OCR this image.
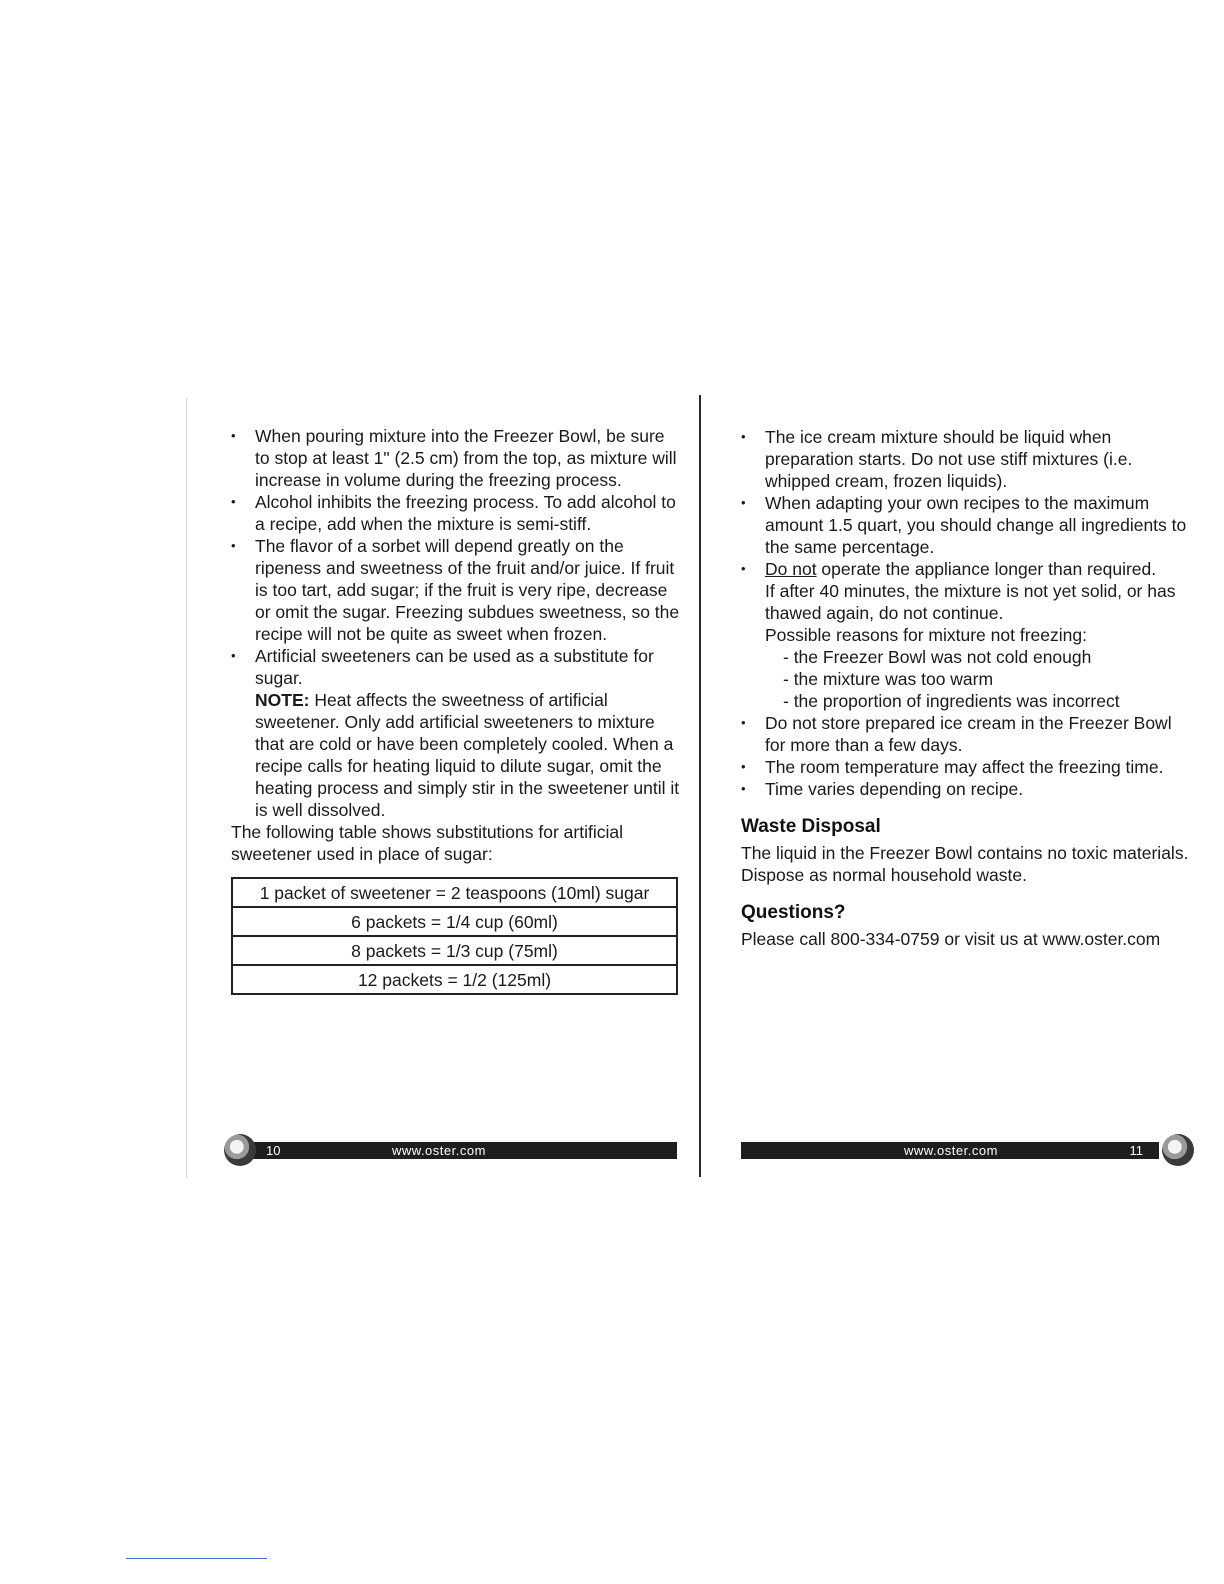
• When pouring mixture into the Freezer Bowl, be sure to stop at least 1" (2.5 cm) from the top, as mixture will increase in volume during the freezing process.
• Alcohol inhibits the freezing process. To add alcohol to a recipe, add when the mixture is semi-stiff.
• The flavor of a sorbet will depend greatly on the ripeness and sweetness of the fruit and/or juice. If fruit is too tart, add sugar; if the fruit is very ripe, decrease or omit the sugar. Freezing subdues sweetness, so the recipe will not be quite as sweet when frozen.
• Artificial sweeteners can be used as a substitute for sugar.
NOTE: Heat affects the sweetness of artificial sweetener. Only add artificial sweeteners to mixture that are cold or have been completely cooled. When a recipe calls for heating liquid to dilute sugar, omit the heating process and simply stir in the sweetener until it is well dissolved.

The following table shows substitutions for artificial sweetener used in place of sugar:

1 packet of sweetener = 2 teaspoons (10ml) sugar
6 packets = 1/4 cup (60ml)
8 packets = 1/3 cup (75ml)
12 packets = 1/2 (125ml)
• The ice cream mixture should be liquid when preparation starts. Do not use stiff mixtures (i.e. whipped cream, frozen liquids).
• When adapting your own recipes to the maximum amount 1.5 quart, you should change all ingredients to the same percentage.
• Do not operate the appliance longer than required.
If after 40 minutes, the mixture is not yet solid, or has thawed again, do not continue.
Possible reasons for mixture not freezing:
- the Freezer Bowl was not cold enough
- the mixture was too warm
- the proportion of ingredients was incorrect
• Do not store prepared ice cream in the Freezer Bowl for more than a few days.
• The room temperature may affect the freezing time.
• Time varies depending on recipe.
Waste Disposal

The liquid in the Freezer Bowl contains no toxic materials. Dispose as normal household waste.

Questions?

Please call 800-334-0759 or visit us at www.oster.com

10	www.oster.com	www.oster.com	11
